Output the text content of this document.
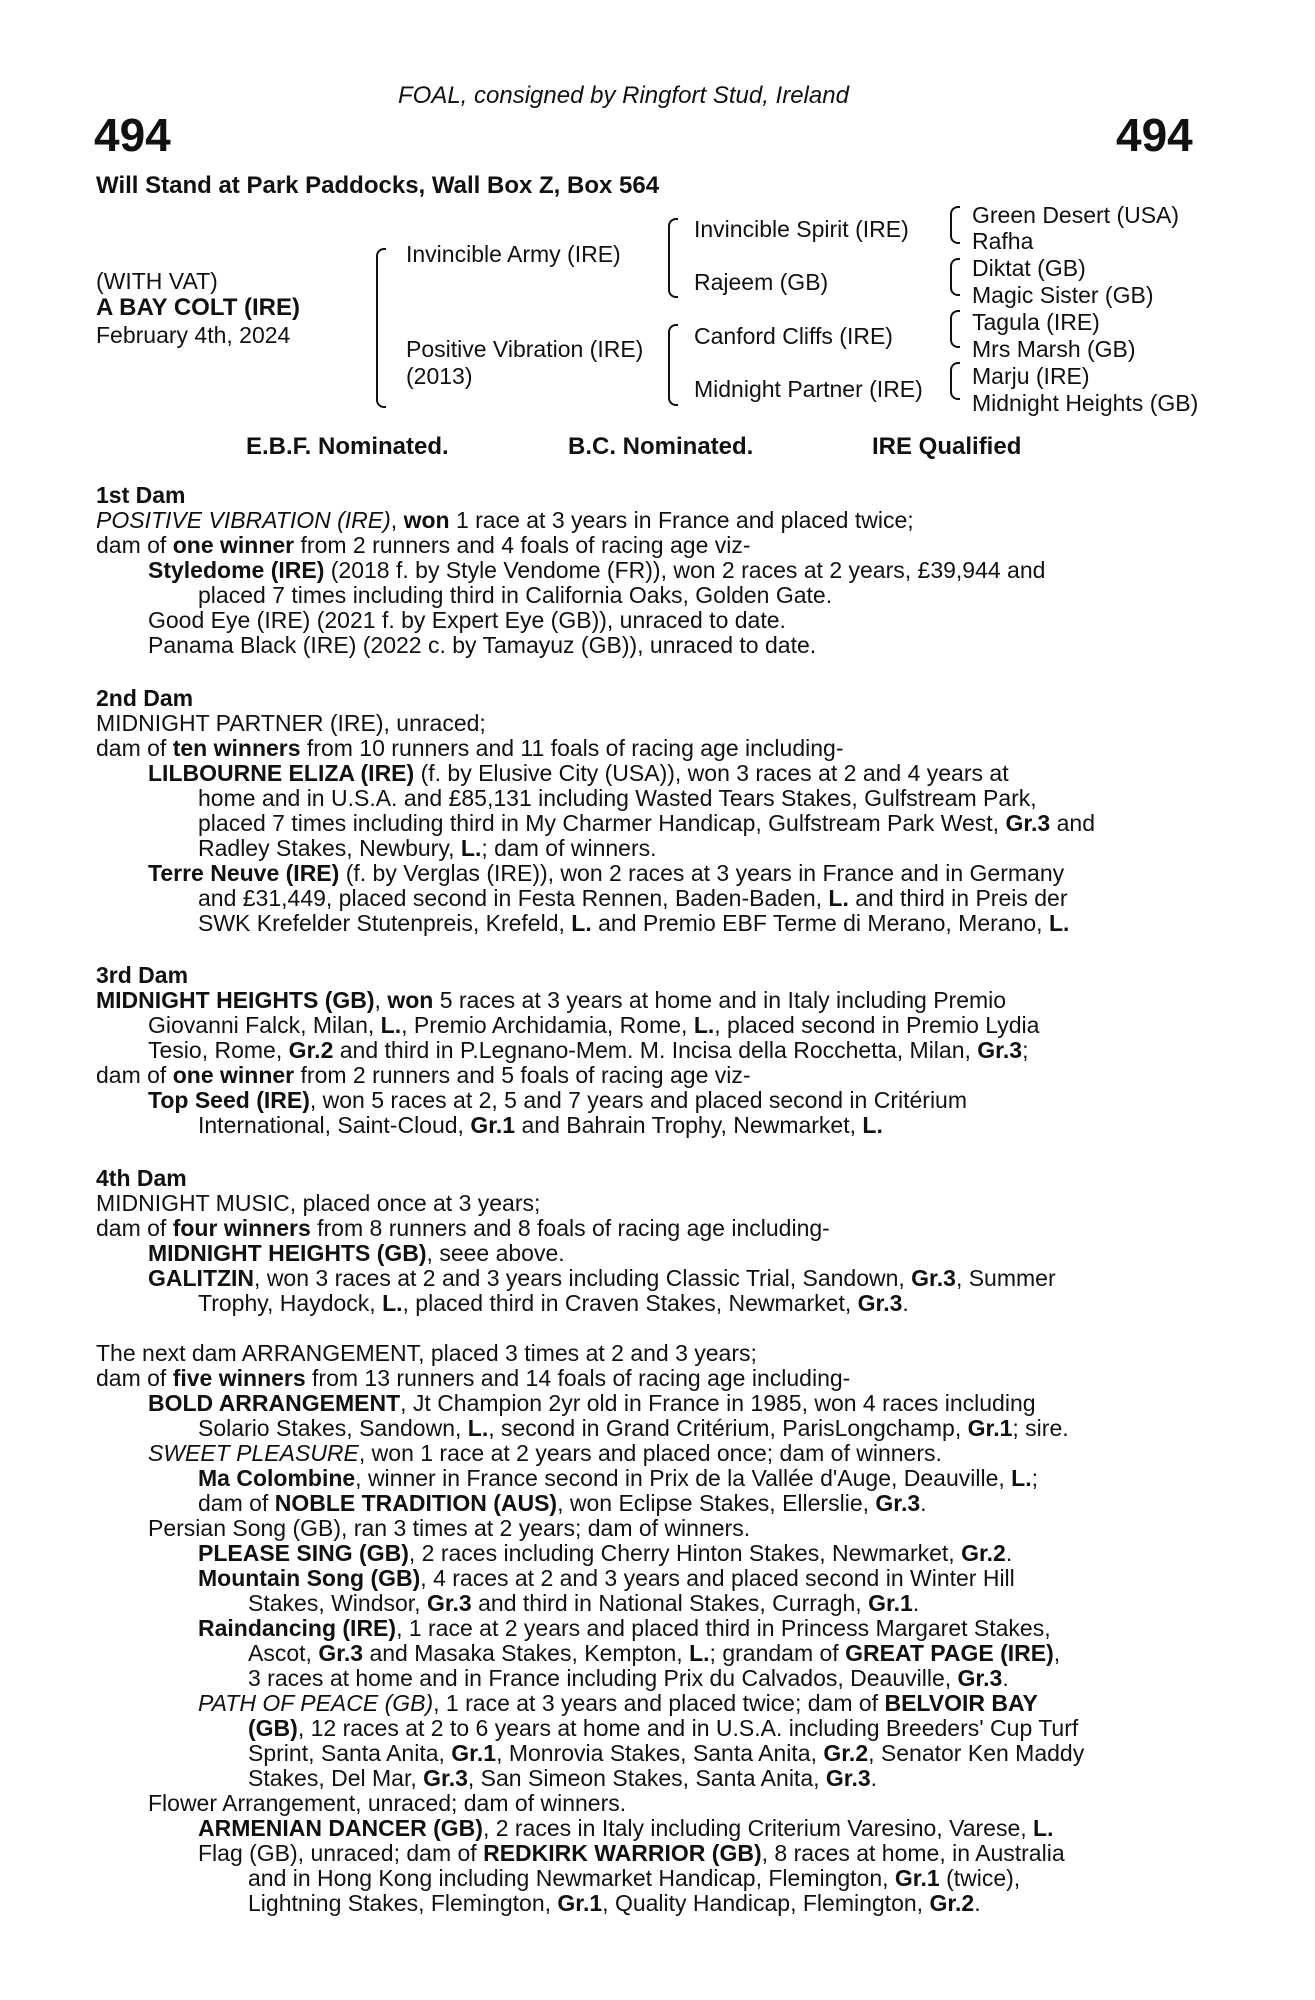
FOAL, consigned by Ringfort Stud, Ireland
494	494
Will Stand at Park Paddocks, Wall Box Z, Box 564
(WITH VAT)
A BAY COLT (IRE)
February 4th, 2024
Invincible Army (IRE)
Positive Vibration (IRE)
(2013)
Invincible Spirit (IRE)
Rajeem (GB)
Canford Cliffs (IRE)
Midnight Partner (IRE)
Green Desert (USA)
Rafha
Diktat (GB)
Magic Sister (GB)
Tagula (IRE)
Mrs Marsh (GB)
Marju (IRE)
Midnight Heights (GB)
E.B.F. Nominated.	B.C. Nominated.	IRE Qualified
1st Dam
POSITIVE VIBRATION (IRE), won 1 race at 3 years in France and placed twice;
dam of one winner from 2 runners and 4 foals of racing age viz-
Styledome (IRE) (2018 f. by Style Vendome (FR)), won 2 races at 2 years, £39,944 and
placed 7 times including third in California Oaks, Golden Gate.
Good Eye (IRE) (2021 f. by Expert Eye (GB)), unraced to date.
Panama Black (IRE) (2022 c. by Tamayuz (GB)), unraced to date.
2nd Dam
MIDNIGHT PARTNER (IRE), unraced;
dam of ten winners from 10 runners and 11 foals of racing age including-
LILBOURNE ELIZA (IRE) (f. by Elusive City (USA)), won 3 races at 2 and 4 years at
home and in U.S.A. and £85,131 including Wasted Tears Stakes, Gulfstream Park,
placed 7 times including third in My Charmer Handicap, Gulfstream Park West, Gr.3 and
Radley Stakes, Newbury, L.; dam of winners.
Terre Neuve (IRE) (f. by Verglas (IRE)), won 2 races at 3 years in France and in Germany
and £31,449, placed second in Festa Rennen, Baden-Baden, L. and third in Preis der
SWK Krefelder Stutenpreis, Krefeld, L. and Premio EBF Terme di Merano, Merano, L.
3rd Dam
MIDNIGHT HEIGHTS (GB), won 5 races at 3 years at home and in Italy including Premio
Giovanni Falck, Milan, L., Premio Archidamia, Rome, L., placed second in Premio Lydia
Tesio, Rome, Gr.2 and third in P.Legnano-Mem. M. Incisa della Rocchetta, Milan, Gr.3;
dam of one winner from 2 runners and 5 foals of racing age viz-
Top Seed (IRE), won 5 races at 2, 5 and 7 years and placed second in Critérium
International, Saint-Cloud, Gr.1 and Bahrain Trophy, Newmarket, L.
4th Dam
MIDNIGHT MUSIC, placed once at 3 years;
dam of four winners from 8 runners and 8 foals of racing age including-
MIDNIGHT HEIGHTS (GB), seee above.
GALITZIN, won 3 races at 2 and 3 years including Classic Trial, Sandown, Gr.3, Summer
Trophy, Haydock, L., placed third in Craven Stakes, Newmarket, Gr.3.
The next dam ARRANGEMENT, placed 3 times at 2 and 3 years;
dam of five winners from 13 runners and 14 foals of racing age including-
BOLD ARRANGEMENT, Jt Champion 2yr old in France in 1985, won 4 races including
Solario Stakes, Sandown, L., second in Grand Critérium, ParisLongchamp, Gr.1; sire.
SWEET PLEASURE, won 1 race at 2 years and placed once; dam of winners.
Ma Colombine, winner in France second in Prix de la Vallée d'Auge, Deauville, L.;
dam of NOBLE TRADITION (AUS), won Eclipse Stakes, Ellerslie, Gr.3.
Persian Song (GB), ran 3 times at 2 years; dam of winners.
PLEASE SING (GB), 2 races including Cherry Hinton Stakes, Newmarket, Gr.2.
Mountain Song (GB), 4 races at 2 and 3 years and placed second in Winter Hill
Stakes, Windsor, Gr.3 and third in National Stakes, Curragh, Gr.1.
Raindancing (IRE), 1 race at 2 years and placed third in Princess Margaret Stakes,
Ascot, Gr.3 and Masaka Stakes, Kempton, L.; grandam of GREAT PAGE (IRE),
3 races at home and in France including Prix du Calvados, Deauville, Gr.3.
PATH OF PEACE (GB), 1 race at 3 years and placed twice; dam of BELVOIR BAY
(GB), 12 races at 2 to 6 years at home and in U.S.A. including Breeders' Cup Turf
Sprint, Santa Anita, Gr.1, Monrovia Stakes, Santa Anita, Gr.2, Senator Ken Maddy
Stakes, Del Mar, Gr.3, San Simeon Stakes, Santa Anita, Gr.3.
Flower Arrangement, unraced; dam of winners.
ARMENIAN DANCER (GB), 2 races in Italy including Criterium Varesino, Varese, L.
Flag (GB), unraced; dam of REDKIRK WARRIOR (GB), 8 races at home, in Australia
and in Hong Kong including Newmarket Handicap, Flemington, Gr.1 (twice),
Lightning Stakes, Flemington, Gr.1, Quality Handicap, Flemington, Gr.2.
